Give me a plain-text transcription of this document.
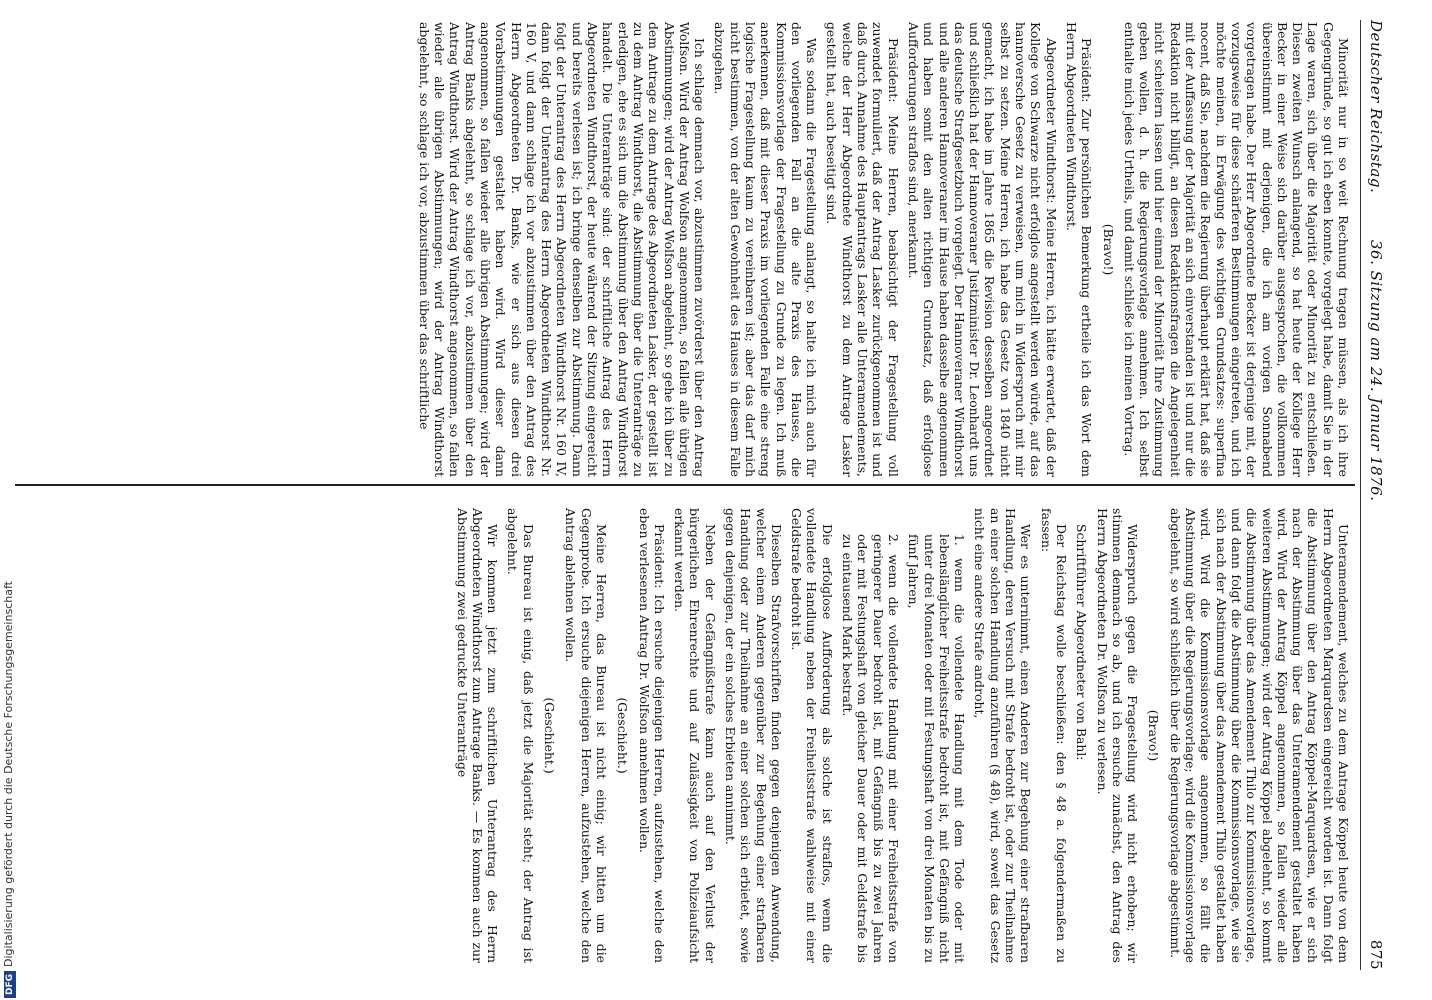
Deutscher Reichstag.
36. Sitzung am 24. Januar 1876.
875

Minorität nur in so weit Rechnung tragen müssen, als ich ihre Gegengründe, so gut ich eben konnte, vorgelegt habe, damit Sie in der Lage waren, sich über die Majorität oder Minorität zu entschließen. Diesen zweiten Wunsch anlangend, so hat heute der Kollege Herr Becker in einer Weise sich darüber ausgesprochen, die vollkommen übereinstimmt mit derjenigen, die ich am vorigen Sonnabend vorgetragen habe. Der Herr Abgeordnete Becker ist derjenige mit, der vorzugsweise für diese schärferen Bestimmungen eingetreten, und ich möchte meinen, in Erwägung des wichtigen Grundsatzes: superfina nocent, daß Sie, nachdem die Regierung überhaupt erklärt hat, daß sie mit der Auffassung der Majorität an sich einverstanden ist und nur die Redaktion nicht billigt, an diesen Redaktionsfragen die Angelegenheit nicht scheitern lassen und hier einmal der Minorität Ihre Zustimmung geben wollen, d. h. die Regierungsvorlage annehmen. Ich selbst enthalte mich jedes Urtheils, und damit schließe ich meinen Vortrag.

(Bravo!)

Präsident: Zur persönlichen Bemerkung ertheile ich das Wort dem Herrn Abgeordneten Windthorst.

Abgeordneter Windthorst: Meine Herren, ich hätte erwartet, daß der Kollege von Schwarze nicht erfolglos angestellt werden würde, auf das hannoversche Gesetz zu verweisen, um mich in Widerspruch mit mir selbst zu setzen. Meine Herren, ich habe das Gesetz von 1840 nicht gemacht, ich habe im Jahre 1865 die Revision desselben angeordnet und schließlich hat der Hannoveraner Justizminister Dr. Leonhardt uns das deutsche Strafgesetzbuch vorgelegt. Der Hannoveraner Windthorst und alle anderen Hannoveraner im Hause haben dasselbe angenommen und haben somit den alten richtigen Grundsatz, daß erfolglose Aufforderungen straflos sind, anerkannt.

Präsident: Meine Herren, beabsichtigt der Fragestellung voll zuwendet formuliert, daß der Antrag Lasker zurückgenommen ist und daß durch Annahme des Hauptantrags Lasker alle Unteramendements, welche der Herr Abgeordnete Windthorst zu dem Antrage Lasker gestellt hat, auch beseitigt sind.

Was sodann die Fragestellung anlangt, so halte ich mich auch für den vorliegenden Fall an die alte Praxis des Hauses, die Kommissionsvorlage der Fragestellung zu Grunde zu legen. Ich muß anerkennen, daß mit dieser Praxis im vorliegenden Falle eine streng logische Fragestellung kaum zu vereinbaren ist; aber das darf mich nicht bestimmen, von der alten Gewohnheit des Hauses in diesem Falle abzugehen.

Ich schlage demnach vor, abzustimmen zuvörderst über den Antrag Wolfson. Wird der Antrag Wolfson angenommen, so fallen alle übrigen Abstimmungen; wird der Antrag Wolfson abgelehnt, so gehe ich über zu dem Antrage zu dem Antrage des Abgeordneten Lasker, der gestellt ist zu dem Antrag Windthorst, die Abstimmung über die Unteranträge zu erledigen, ehe es sich um die Abstimmung über den Antrag Windthorst handelt. Die Unteranträge sind: der schriftliche Antrag des Herrn Abgeordneten Windthorst, der heute während der Sitzung eingereicht und bereits verlesen ist; ich bringe denselben zur Abstimmung. Dann folgt der Unterantrag des Herrn Abgeordneten Windthorst Nr. 160 IV, dann folgt der Unterantrag des Herrn Abgeordneten Windthorst Nr. 160 V, und dann schlage ich vor abzustimmen über den Antrag des Herrn Abgeordneten Dr. Banks, wie er sich aus diesen drei Vorabstimmungen gestaltet haben wird. Wird dieser dann angenommen, so fallen wieder alle übrigen Abstimmungen; wird der Antrag Banks abgelehnt, so schlage ich vor, abzustimmen über den Antrag Windthorst. Wird der Antrag Windthorst angenommen, so fallen wieder alle übrigen Abstimmungen; wird der Antrag Windthorst abgelehnt, so schlage ich vor, abzustimmen über das schriftliche

Unteramendement, welches zu dem Antrage Köppel heute von dem Herrn Abgeordneten Marquardsen eingereicht worden ist. Dann folgt die Abstimmung über den Antrag Köppel-Marquardsen, wie er sich nach der Abstimmung über das Unteramendement gestaltet haben wird. Wird der Antrag Köppel angenommen, so fallen wieder alle weiteren Abstimmungen; wird der Antrag Köppel abgelehnt, so kommt die Abstimmung über das Amendement Thilo zur Kommissionsvorlage, und dann folgt die Abstimmung über die Kommissionsvorlage, wie sie sich nach der Abstimmung über das Amendement Thilo gestaltet haben wird. Wird die Kommissionsvorlage angenommen, so fällt die Abstimmung über die Regierungsvorlage; wird die Kommissionsvorlage abgelehnt, so wird schließlich über die Regierungsvorlage abgestimmt.

(Bravo!)

Widerspruch gegen die Fragestellung wird nicht erhoben; wir stimmen demnach so ab, und ich ersuche zunächst, den Antrag des Herrn Abgeordneten Dr. Wolfson zu verlesen.

Schriftführer Abgeordneter von Bahl:

Der Reichstag wolle beschließen: den § 48 a. folgendermaßen zu fassen:

Wer es unternimmt, einen Anderen zur Begehung einer strafbaren Handlung, deren Versuch mit Strafe bedroht ist, oder zur Theilnahme an einer solchen Handlung anzuführen (§ 48), wird, soweit das Gesetz nicht eine andere Strafe androht,

1. wenn die vollendete Handlung mit dem Tode oder mit lebenslänglicher Freiheitsstrafe bedroht ist, mit Gefängniß nicht unter drei Monaten oder mit Festungshaft von drei Monaten bis zu fünf Jahren,

2. wenn die vollendete Handlung mit einer Freiheitsstrafe von geringerer Dauer bedroht ist, mit Gefängniß bis zu zwei Jahren oder mit Festungshaft von gleicher Dauer oder mit Geldstrafe bis zu eintausend Mark bestraft.

Die erfolglose Aufforderung als solche ist straflos, wenn die vollendete Handlung neben der Freiheitsstrafe wahlweise mit einer Geldstrafe bedroht ist.

Dieselben Strafvorschriften finden gegen denjenigen Anwendung, welcher einem Anderen gegenüber zur Begehung einer strafbaren Handlung oder zur Theilnahme an einer solchen sich erbietet, sowie gegen denjenigen, der ein solches Erbieten annimmt.

Neben der Gefängnißstrafe kann auch auf den Verlust der bürgerlichen Ehrenrechte und auf Zulässigkeit von Polizeiaufsicht erkannt werden.

Präsident: Ich ersuche diejenigen Herren, aufzustehen, welche den eben verlesenen Antrag Dr. Wolfson annehmen wollen.

(Geschieht.)

Meine Herren, das Bureau ist nicht einig; wir bitten um die Gegenprobe. Ich ersuche diejenigen Herren, aufzustehen, welche den Antrag ablehnen wollen.

(Geschieht.)

Das Bureau ist einig, daß jetzt die Majorität steht; der Antrag ist abgelehnt.

Wir kommen jetzt zum schriftlichen Unterantrag des Herrn Abgeordneten Windthorst zum Antrage Banks. — Es kommen auch zur Abstimmung zwei gedruckte Unteranträge

DFGDigitalisierung gefördert durch die Deutsche Forschungsgemeinschaft
